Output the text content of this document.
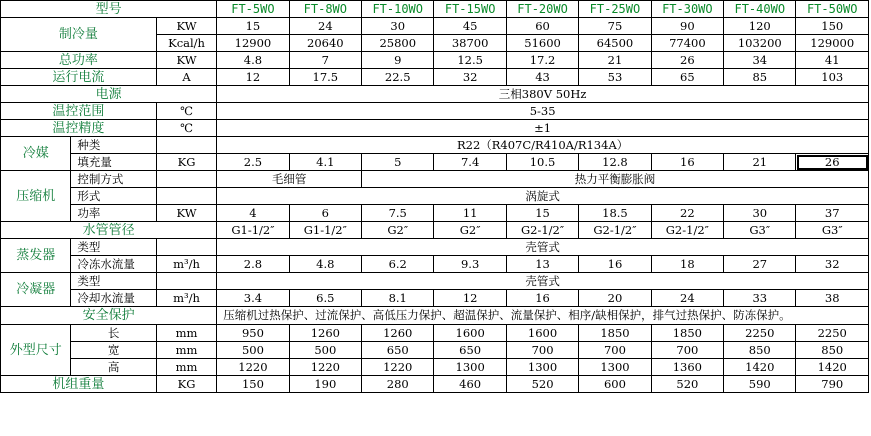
型号			FT-5WO	FT-8WO	FT-10WO	FT-15WO	FT-20WO	FT-25WO	FT-30WO	FT-40WO	FT-50WO
制冷量		KW	15	24	30	45	60	75	90	120	150
		Kcal/h	12900	20640	25800	38700	51600	64500	77400	103200	129000
总功率		KW	4.8	7	9	12.5	17.2	21	26	34	41
运行电流		A	12	17.5	22.5	32	43	53	65	85	103
电源			三相380V 50Hz								
温控范围		℃	5-35								
温控精度		℃	±1								
冷媒	种类		R22（R407C/R410A/R134A）								
	填充量	KG	2.5	4.1	5	7.4	10.5	12.8	16	21	26
压缩机	控制方式		毛细管		热力平衡膨胀阀						
	形式		涡旋式								
	功率	KW	4	6	7.5	11	15	18.5	22	30	37
水管管径			G1-1/2″	G1-1/2″	G2″	G2″	G2-1/2″	G2-1/2″	G2-1/2″	G3″	G3″
蒸发器	类型		壳管式								
	冷冻水流量	m³/h	2.8	4.8	6.2	9.3	13	16	18	27	32
冷凝器	类型		壳管式								
	冷却水流量	m³/h	3.4	6.5	8.1	12	16	20	24	33	38
安全保护			压缩机过热保护、过流保护、高低压力保护、超温保护、流量保护、相序/缺相保护，排气过热保护、防冻保护。								
外型尺寸	长	mm	950	1260	1260	1600	1600	1850	1850	2250	2250
	宽	mm	500	500	650	650	700	700	700	850	850
	高	mm	1220	1220	1220	1300	1300	1300	1360	1420	1420
机组重量		KG	150	190	280	460	520	600	520	590	790
